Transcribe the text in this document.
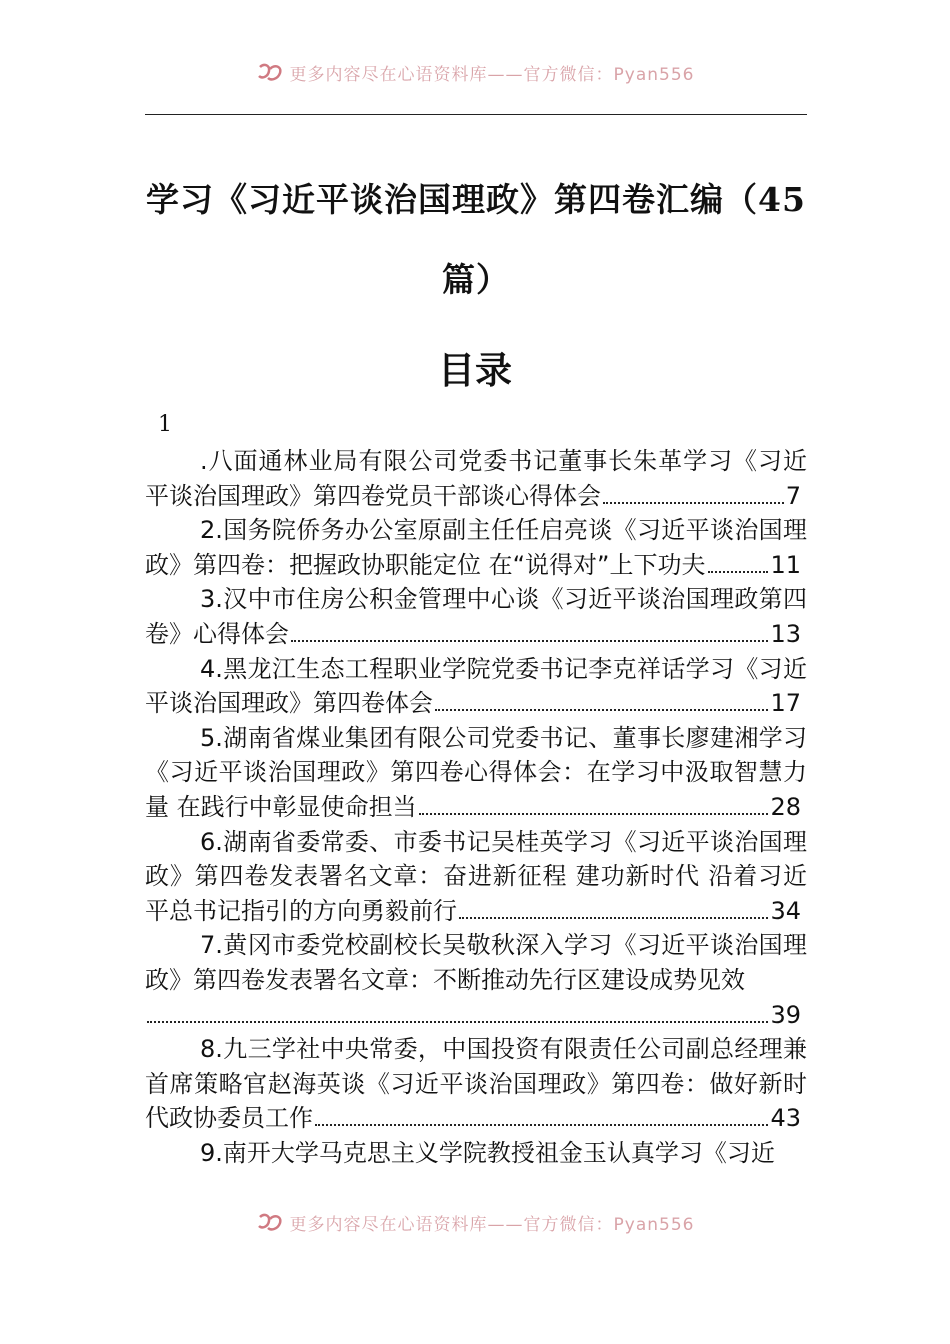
更多内容尽在心语资料库——官方微信：Pyan556
学习《习近平谈治国理政》第四卷汇编（45篇）
目录
1

.八面通林业局有限公司党委书记董事长朱革学习《习近平谈治国理政》第四卷党员干部谈心得体会	7

2.国务院侨务办公室原副主任任启亮谈《习近平谈治国理政》第四卷：把握政协职能定位 在“说得对”上下功夫	11

3.汉中市住房公积金管理中心谈《习近平谈治国理政第四卷》心得体会	13

4.黑龙江生态工程职业学院党委书记李克祥话学习《习近平谈治国理政》第四卷体会	17

5.湖南省煤业集团有限公司党委书记、董事长廖建湘学习《习近平谈治国理政》第四卷心得体会：在学习中汲取智慧力量 在践行中彰显使命担当	28

6.湖南省委常委、市委书记吴桂英学习《习近平谈治国理政》第四卷发表署名文章：奋进新征程 建功新时代 沿着习近平总书记指引的方向勇毅前行	34

7.黄冈市委党校副校长吴敬秋深入学习《习近平谈治国理政》第四卷发表署名文章：不断推动先行区建设成势见效
39

8.九三学社中央常委，中国投资有限责任公司副总经理兼首席策略官赵海英谈《习近平谈治国理政》第四卷：做好新时代政协委员工作	43

9.南开大学马克思主义学院教授祖金玉认真学习《习近

更多内容尽在心语资料库——官方微信：Pyan556
